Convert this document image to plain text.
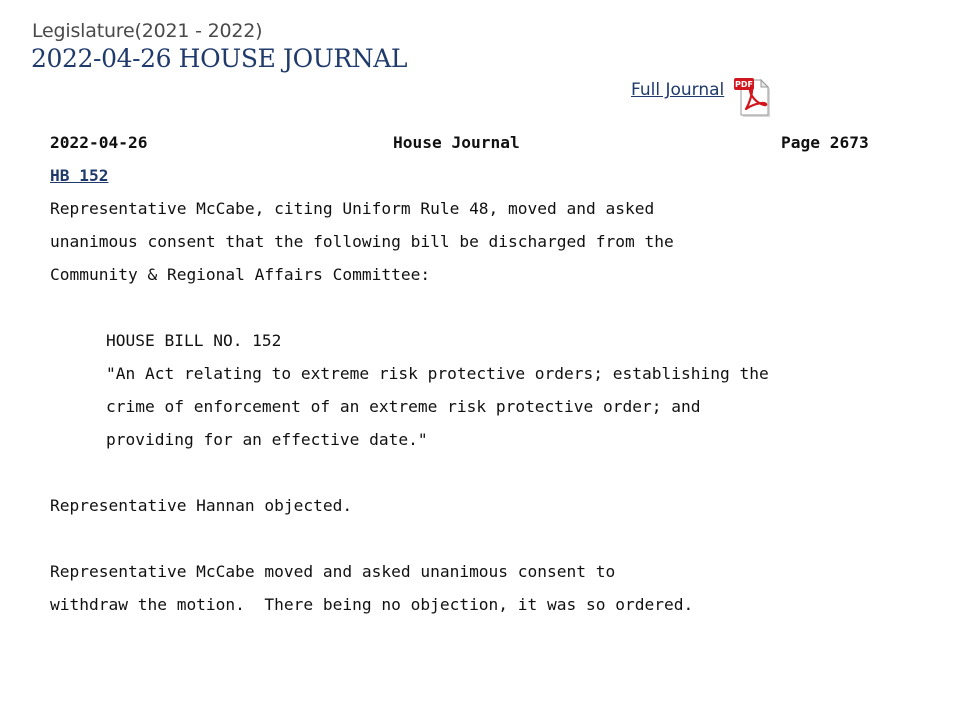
Legislature(2021 - 2022)
2022-04-26 HOUSE JOURNAL
Full Journal PDF
2022-04-26	House Journal	Page 2673
HB 152
Representative McCabe, citing Uniform Rule 48, moved and asked
unanimous consent that the following bill be discharged from the
Community & Regional Affairs Committee:
HOUSE BILL NO. 152
"An Act relating to extreme risk protective orders; establishing the
crime of enforcement of an extreme risk protective order; and
providing for an effective date."
Representative Hannan objected.
Representative McCabe moved and asked unanimous consent to
withdraw the motion.  There being no objection, it was so ordered.
